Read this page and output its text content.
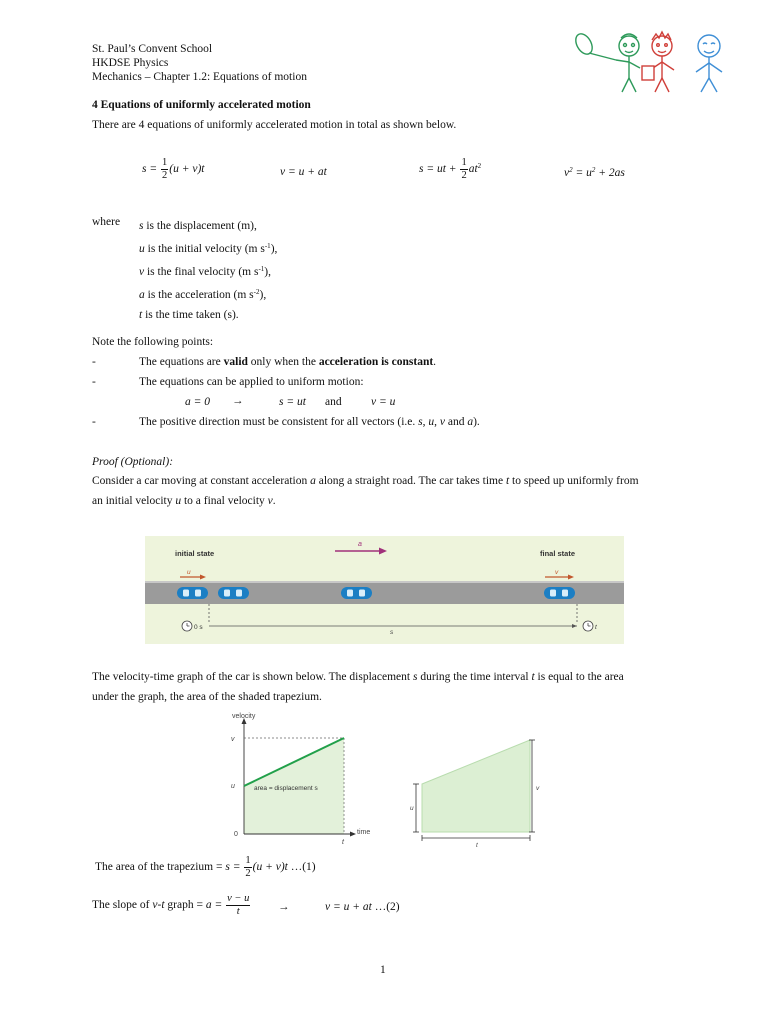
St. Paul’s Convent School
HKDSE Physics
Mechanics – Chapter 1.2: Equations of motion
4 Equations of uniformly accelerated motion
There are 4 equations of uniformly accelerated motion in total as shown below.
$s = \frac{1}{2} (u + v)t$	v = u + at	s = ut + $\frac{1}{2} at^2$
$v^2 = u^2 + 2as$
where s is the displacement (m),
u is the initial velocity (m $s^{-1}$),
v is the final velocity (m $s^{-1}$),
a is the acceleration (m $s^{-2}$),
t is the time taken (s).
Note the following points:
-	The equations are valid only when the acceleration is constant.
-	The equations can be applied to uniform motion:
a = 0 →	s = ut and	v = u
-	The positive direction must be consistent for all vectors (i.e. s, u, v and a).
Proof (Optional):
Consider a car moving at constant acceleration a along a straight road. The car takes time t to speed up uniformly from
an initial velocity u to a final velocity v.
initial state	final state
a
u	v
s
0 s	t
The velocity-time graph of the car is shown below. The displacement s during the time interval t is equal to the area
under the graph, the area of the shaded trapezium.
velocity
time
0
v
u
t
area = displacement s
u
v
t
The area of the trapezium = $s = \frac{1}{2} (u + v)t$ …(1)
The slope of v-t graph = $a = \frac{v - u}{t}$ →	v = u + at …(2)
1
